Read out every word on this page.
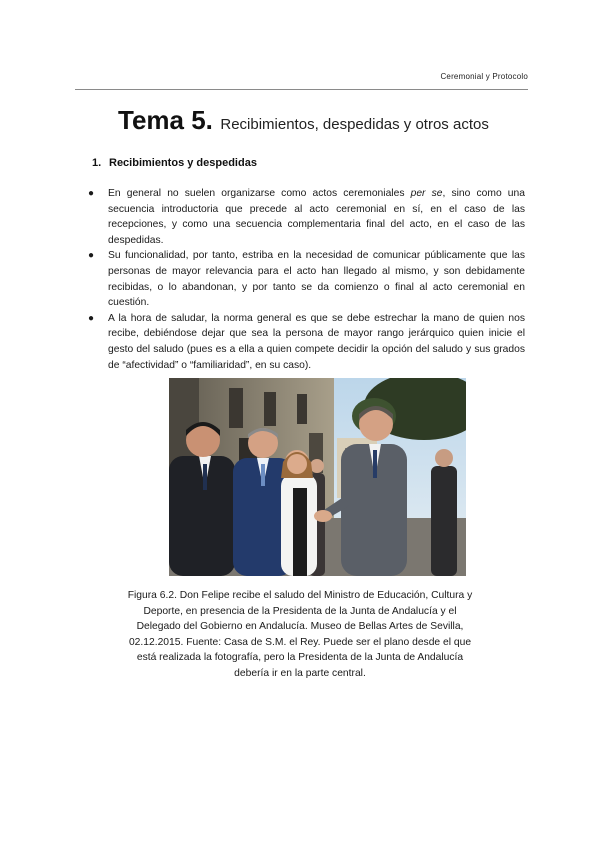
Ceremonial y Protocolo
Tema 5. Recibimientos, despedidas y otros actos
1. Recibimientos y despedidas
● En general no suelen organizarse como actos ceremoniales per se, sino como una secuencia introductoria que precede al acto ceremonial en sí, en el caso de las recepciones, y como una secuencia complementaria final del acto, en el caso de las despedidas.
● Su funcionalidad, por tanto, estriba en la necesidad de comunicar públicamente que las personas de mayor relevancia para el acto han llegado al mismo, y son debidamente recibidas, o lo abandonan, y por tanto se da comienzo o final al acto ceremonial en cuestión.
● A la hora de saludar, la norma general es que se debe estrechar la mano de quien nos recibe, debiéndose dejar que sea la persona de mayor rango jerárquico quien inicie el gesto del saludo (pues es a ella a quien compete decidir la opción del saludo y sus grados de “afectividad” o “familiaridad”, en su caso).
Figura 6.2. Don Felipe recibe el saludo del Ministro de Educación, Cultura y Deporte, en presencia de la Presidenta de la Junta de Andalucía y el Delegado del Gobierno en Andalucía. Museo de Bellas Artes de Sevilla, 02.12.2015. Fuente: Casa de S.M. el Rey. Puede ser el plano desde el que está realizada la fotografía, pero la Presidenta de la Junta de Andalucía debería ir en la parte central.
